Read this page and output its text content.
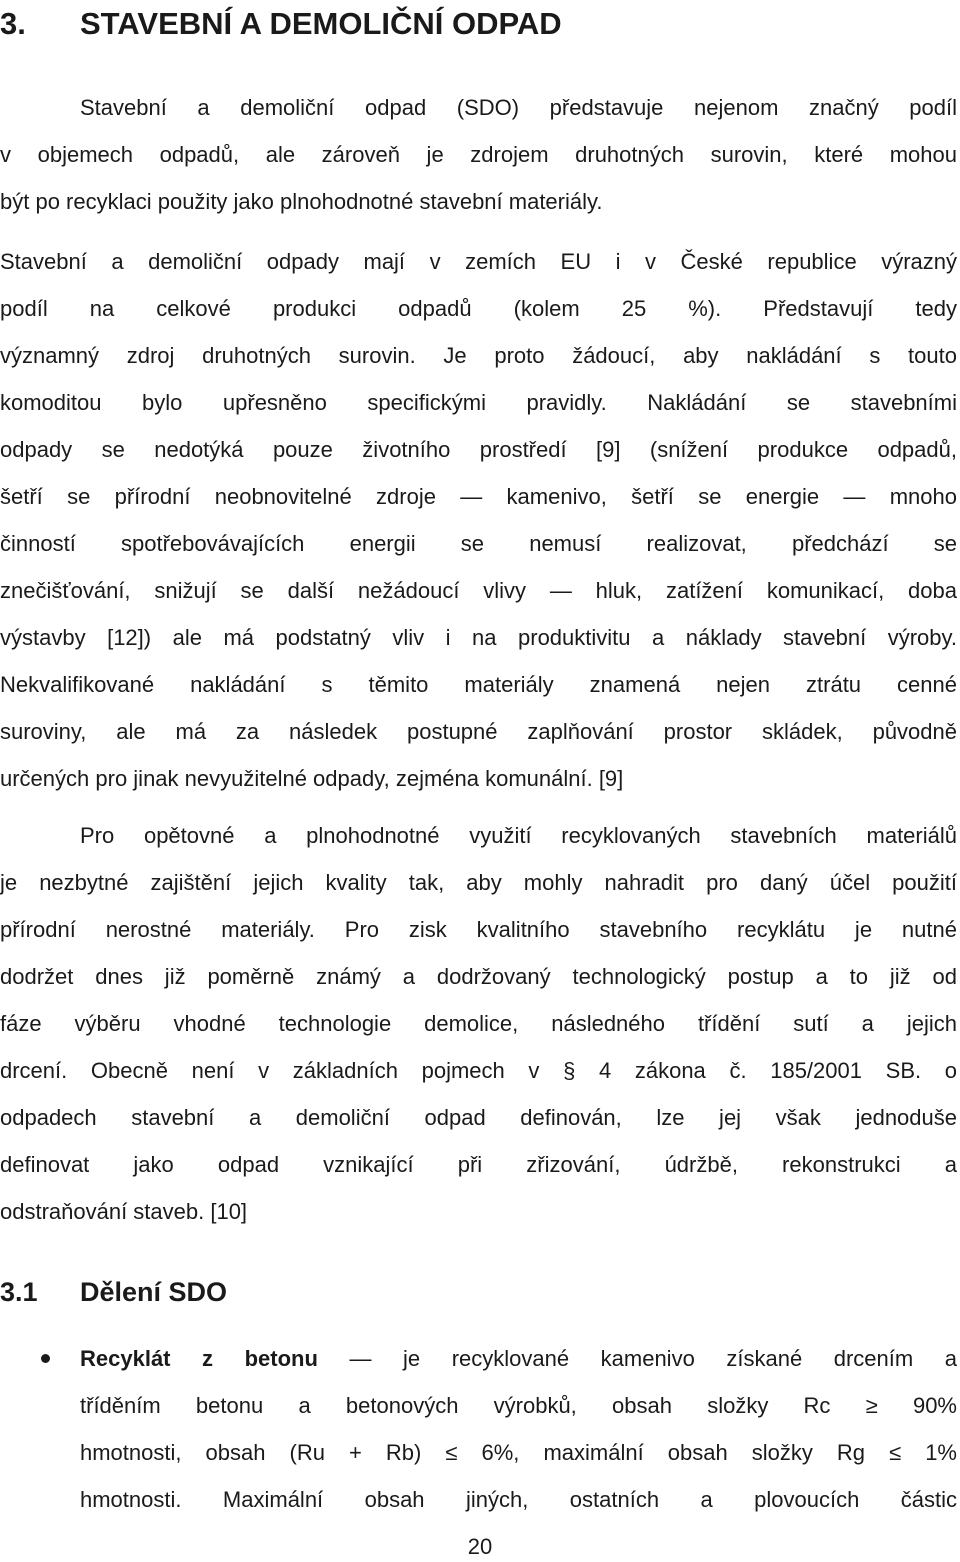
3. STAVEBNÍ A DEMOLIČNÍ ODPAD
Stavební a demoliční odpad (SDO) představuje nejenom značný podíl
v objemech odpadů, ale zároveň je zdrojem druhotných surovin, které mohou
být po recyklaci použity jako plnohodnotné stavební materiály.
Stavební a demoliční odpady mají v zemích EU i v České republice výrazný
podíl na celkové produkci odpadů (kolem 25 %). Představují tedy
významný zdroj druhotných surovin. Je proto žádoucí, aby nakládání s touto
komoditou bylo upřesněno specifickými pravidly. Nakládání se stavebními
odpady se nedotýká pouze životního prostředí [9] (snížení produkce odpadů,
šetří se přírodní neobnovitelné zdroje — kamenivo, šetří se energie — mnoho
činností spotřebovávajících energii se nemusí realizovat, předchází se
znečišťování, snižují se další nežádoucí vlivy — hluk, zatížení komunikací, doba
výstavby [12]) ale má podstatný vliv i na produktivitu a náklady stavební výroby.
Nekvalifikované nakládání s těmito materiály znamená nejen ztrátu cenné
suroviny, ale má za následek postupné zaplňování prostor skládek, původně
určených pro jinak nevyužitelné odpady, zejména komunální. [9]
Pro opětovné a plnohodnotné využití recyklovaných stavebních materiálů
je nezbytné zajištění jejich kvality tak, aby mohly nahradit pro daný účel použití
přírodní nerostné materiály. Pro zisk kvalitního stavebního recyklátu je nutné
dodržet dnes již poměrně známý a dodržovaný technologický postup a to již od
fáze výběru vhodné technologie demolice, následného třídění sutí a jejich
drcení. Obecně není v základních pojmech v § 4 zákona č. 185/2001 SB. o
odpadech stavební a demoliční odpad definován, lze jej však jednoduše
definovat jako odpad vznikající při zřizování, údržbě, rekonstrukci a
odstraňování staveb. [10]
3.1 Dělení SDO
Recyklát z betonu — je recyklované kamenivo získané drcením a
tříděním betonu a betonových výrobků, obsah složky Rc ≥ 90%
hmotnosti, obsah (Ru + Rb) ≤ 6%, maximální obsah složky Rg ≤ 1%
hmotnosti. Maximální obsah jiných, ostatních a plovoucích částic
20
